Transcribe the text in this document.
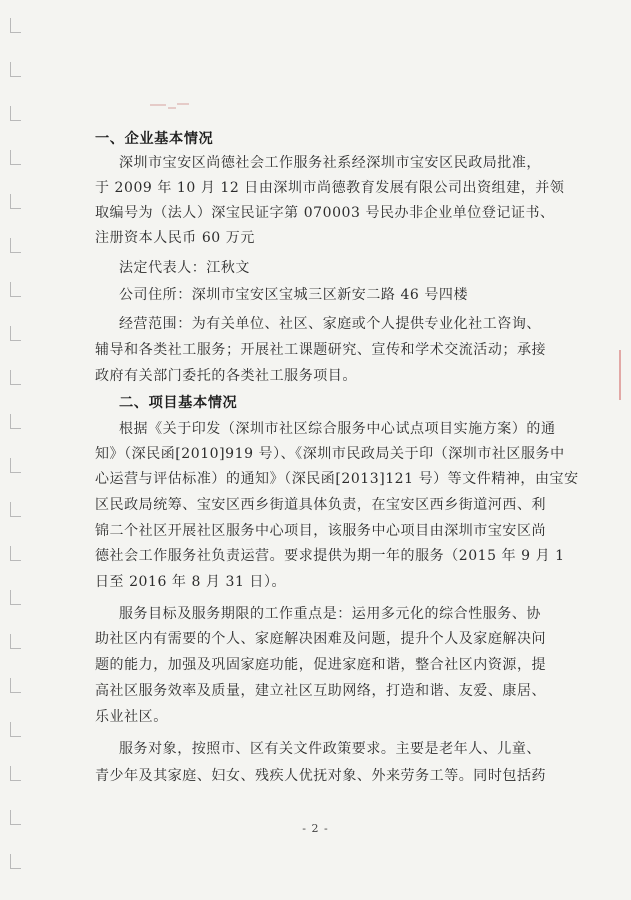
一、企业基本情况
深圳市宝安区尚德社会工作服务社系经深圳市宝安区民政局批准，
于 2009 年 10 月 12 日由深圳市尚德教育发展有限公司出资组建，并领
取编号为（法人）深宝民证字第 070003 号民办非企业单位登记证书、
注册资本人民币 60 万元
法定代表人：江秋文
公司住所：深圳市宝安区宝城三区新安二路 46 号四楼
经营范围：为有关单位、社区、家庭或个人提供专业化社工咨询、
辅导和各类社工服务；开展社工课题研究、宣传和学术交流活动；承接
政府有关部门委托的各类社工服务项目。
二、项目基本情况
根据《关于印发（深圳市社区综合服务中心试点项目实施方案）的通
知》（深民函[2010]919 号）、《深圳市民政局关于印（深圳市社区服务中
心运营与评估标准）的通知》（深民函[2013]121 号）等文件精神，由宝安
区民政局统筹、宝安区西乡街道具体负责，在宝安区西乡街道河西、利
锦二个社区开展社区服务中心项目，该服务中心项目由深圳市宝安区尚
德社会工作服务社负责运营。要求提供为期一年的服务（2015 年 9 月 1
日至 2016 年 8 月 31 日）。
服务目标及服务期限的工作重点是：运用多元化的综合性服务、协
助社区内有需要的个人、家庭解决困难及问题，提升个人及家庭解决问
题的能力，加强及巩固家庭功能，促进家庭和谐，整合社区内资源，提
高社区服务效率及质量，建立社区互助网络，打造和谐、友爱、康居、
乐业社区。
服务对象，按照市、区有关文件政策要求。主要是老年人、儿童、
青少年及其家庭、妇女、残疾人优抚对象、外来劳务工等。同时包括药
- 2 -
